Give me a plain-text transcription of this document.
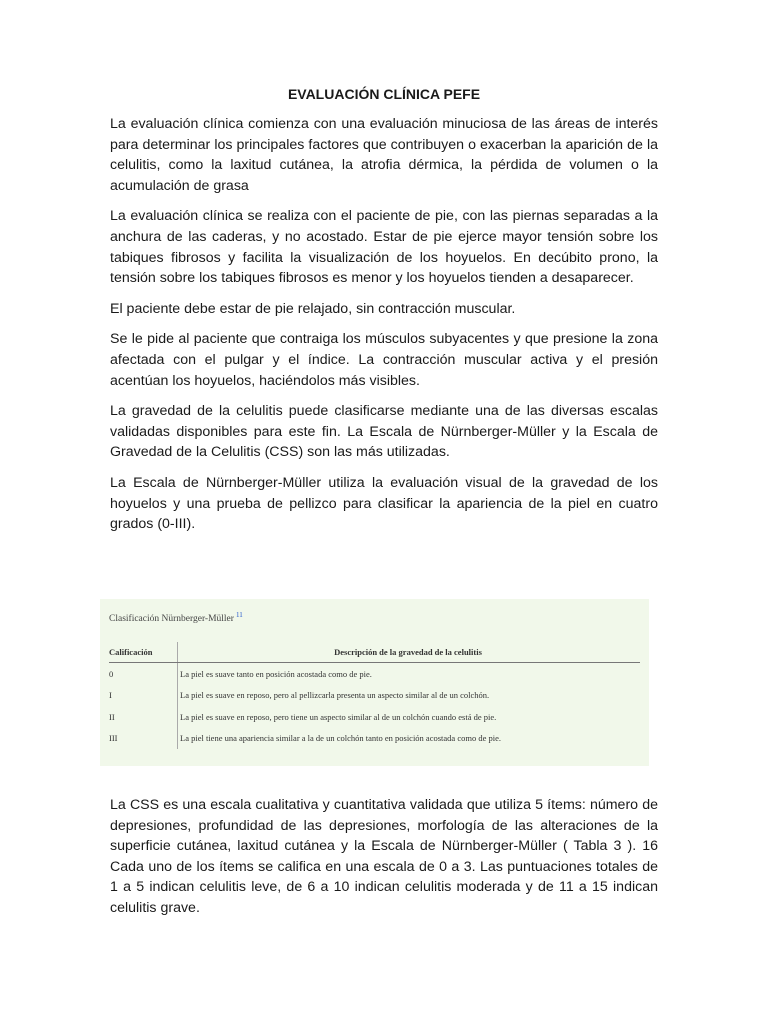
EVALUACIÓN CLÍNICA PEFE

La evaluación clínica comienza con una evaluación minuciosa de las áreas de interés para determinar los principales factores que contribuyen o exacerban la aparición de la celulitis, como la laxitud cutánea, la atrofia dérmica, la pérdida de volumen o la acumulación de grasa

La evaluación clínica se realiza con el paciente de pie, con las piernas separadas a la anchura de las caderas, y no acostado. Estar de pie ejerce mayor tensión sobre los tabiques fibrosos y facilita la visualización de los hoyuelos. En decúbito prono, la tensión sobre los tabiques fibrosos es menor y los hoyuelos tienden a desaparecer.

El paciente debe estar de pie relajado, sin contracción muscular.

Se le pide al paciente que contraiga los músculos subyacentes y que presione la zona afectada con el pulgar y el índice. La contracción muscular activa y el presión acentúan los hoyuelos, haciéndolos más visibles.

La gravedad de la celulitis puede clasificarse mediante una de las diversas escalas validadas disponibles para este fin. La Escala de Nürnberger-Müller y la Escala de Gravedad de la Celulitis (CSS) son las más utilizadas.

La Escala de Nürnberger-Müller utiliza la evaluación visual de la gravedad de los hoyuelos y una prueba de pellizco para clasificar la apariencia de la piel en cuatro grados (0-III).

Clasificación Nürnberger-Müller $^{11}$
Calificación	Descripción de la gravedad de la celulitis
0	La piel es suave tanto en posición acostada como de pie.
I	La piel es suave en reposo, pero al pellizcarla presenta un aspecto similar al de un colchón.
II	La piel es suave en reposo, pero tiene un aspecto similar al de un colchón cuando está de pie.
III	La piel tiene una apariencia similar a la de un colchón tanto en posición acostada como de pie.

La CSS es una escala cualitativa y cuantitativa validada que utiliza 5 ítems: número de depresiones, profundidad de las depresiones, morfología de las alteraciones de la superficie cutánea, laxitud cutánea y la Escala de Nürnberger-Müller ( Tabla 3 ). 16 Cada uno de los ítems se califica en una escala de 0 a 3. Las puntuaciones totales de 1 a 5 indican celulitis leve, de 6 a 10 indican celulitis moderada y de 11 a 15 indican celulitis grave.
